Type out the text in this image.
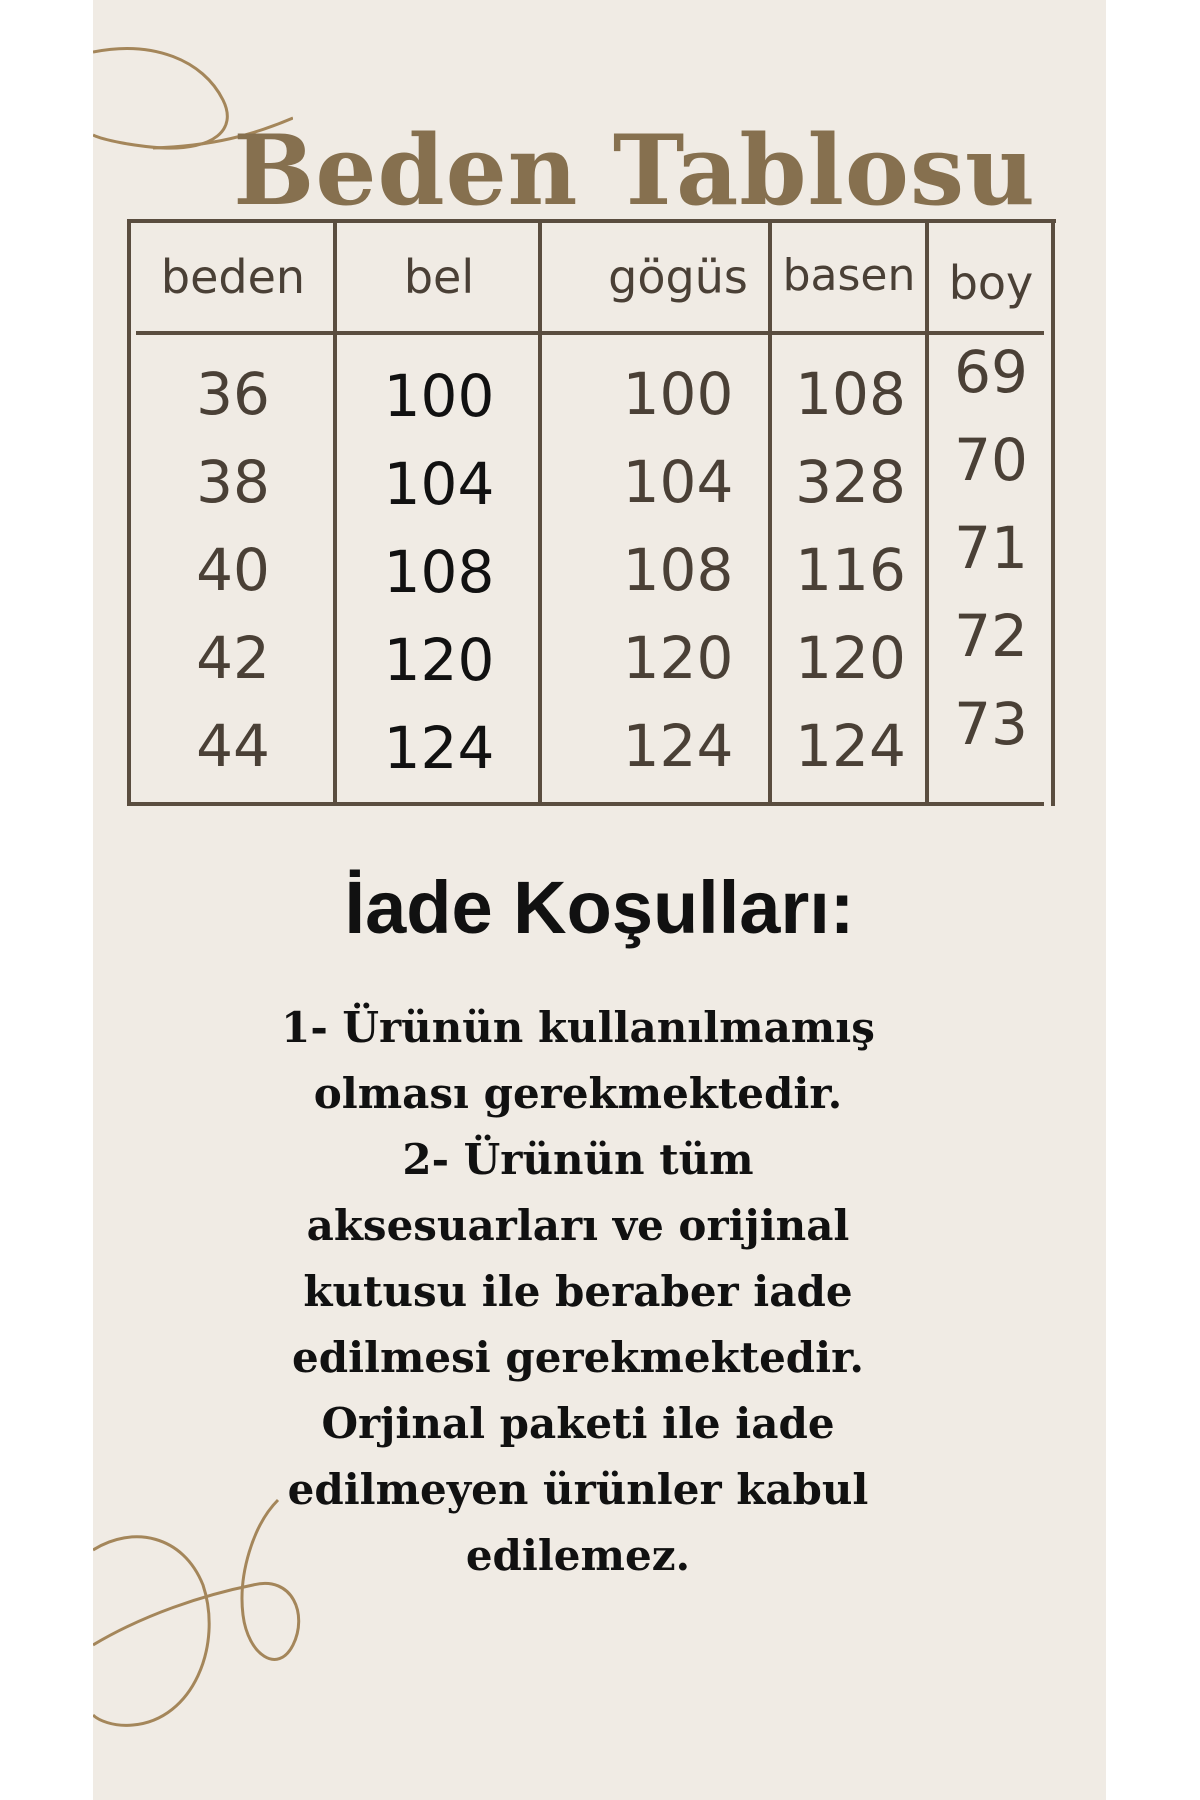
Beden Tablosu
beden	bel	gögüs basen boy
36
38
40
42
44
100
104
108
120
124
100
104
108
120
124
108
328
116
120
124
69
70
71
72
73
İade Koşulları:
1- Ürünün kullanılmamış
olması gerekmektedir.
2- Ürünün tüm
aksesuarları ve orijinal
kutusu ile beraber iade
edilmesi gerekmektedir.
Orjinal paketi ile iade
edilmeyen ürünler kabul
edilemez.
